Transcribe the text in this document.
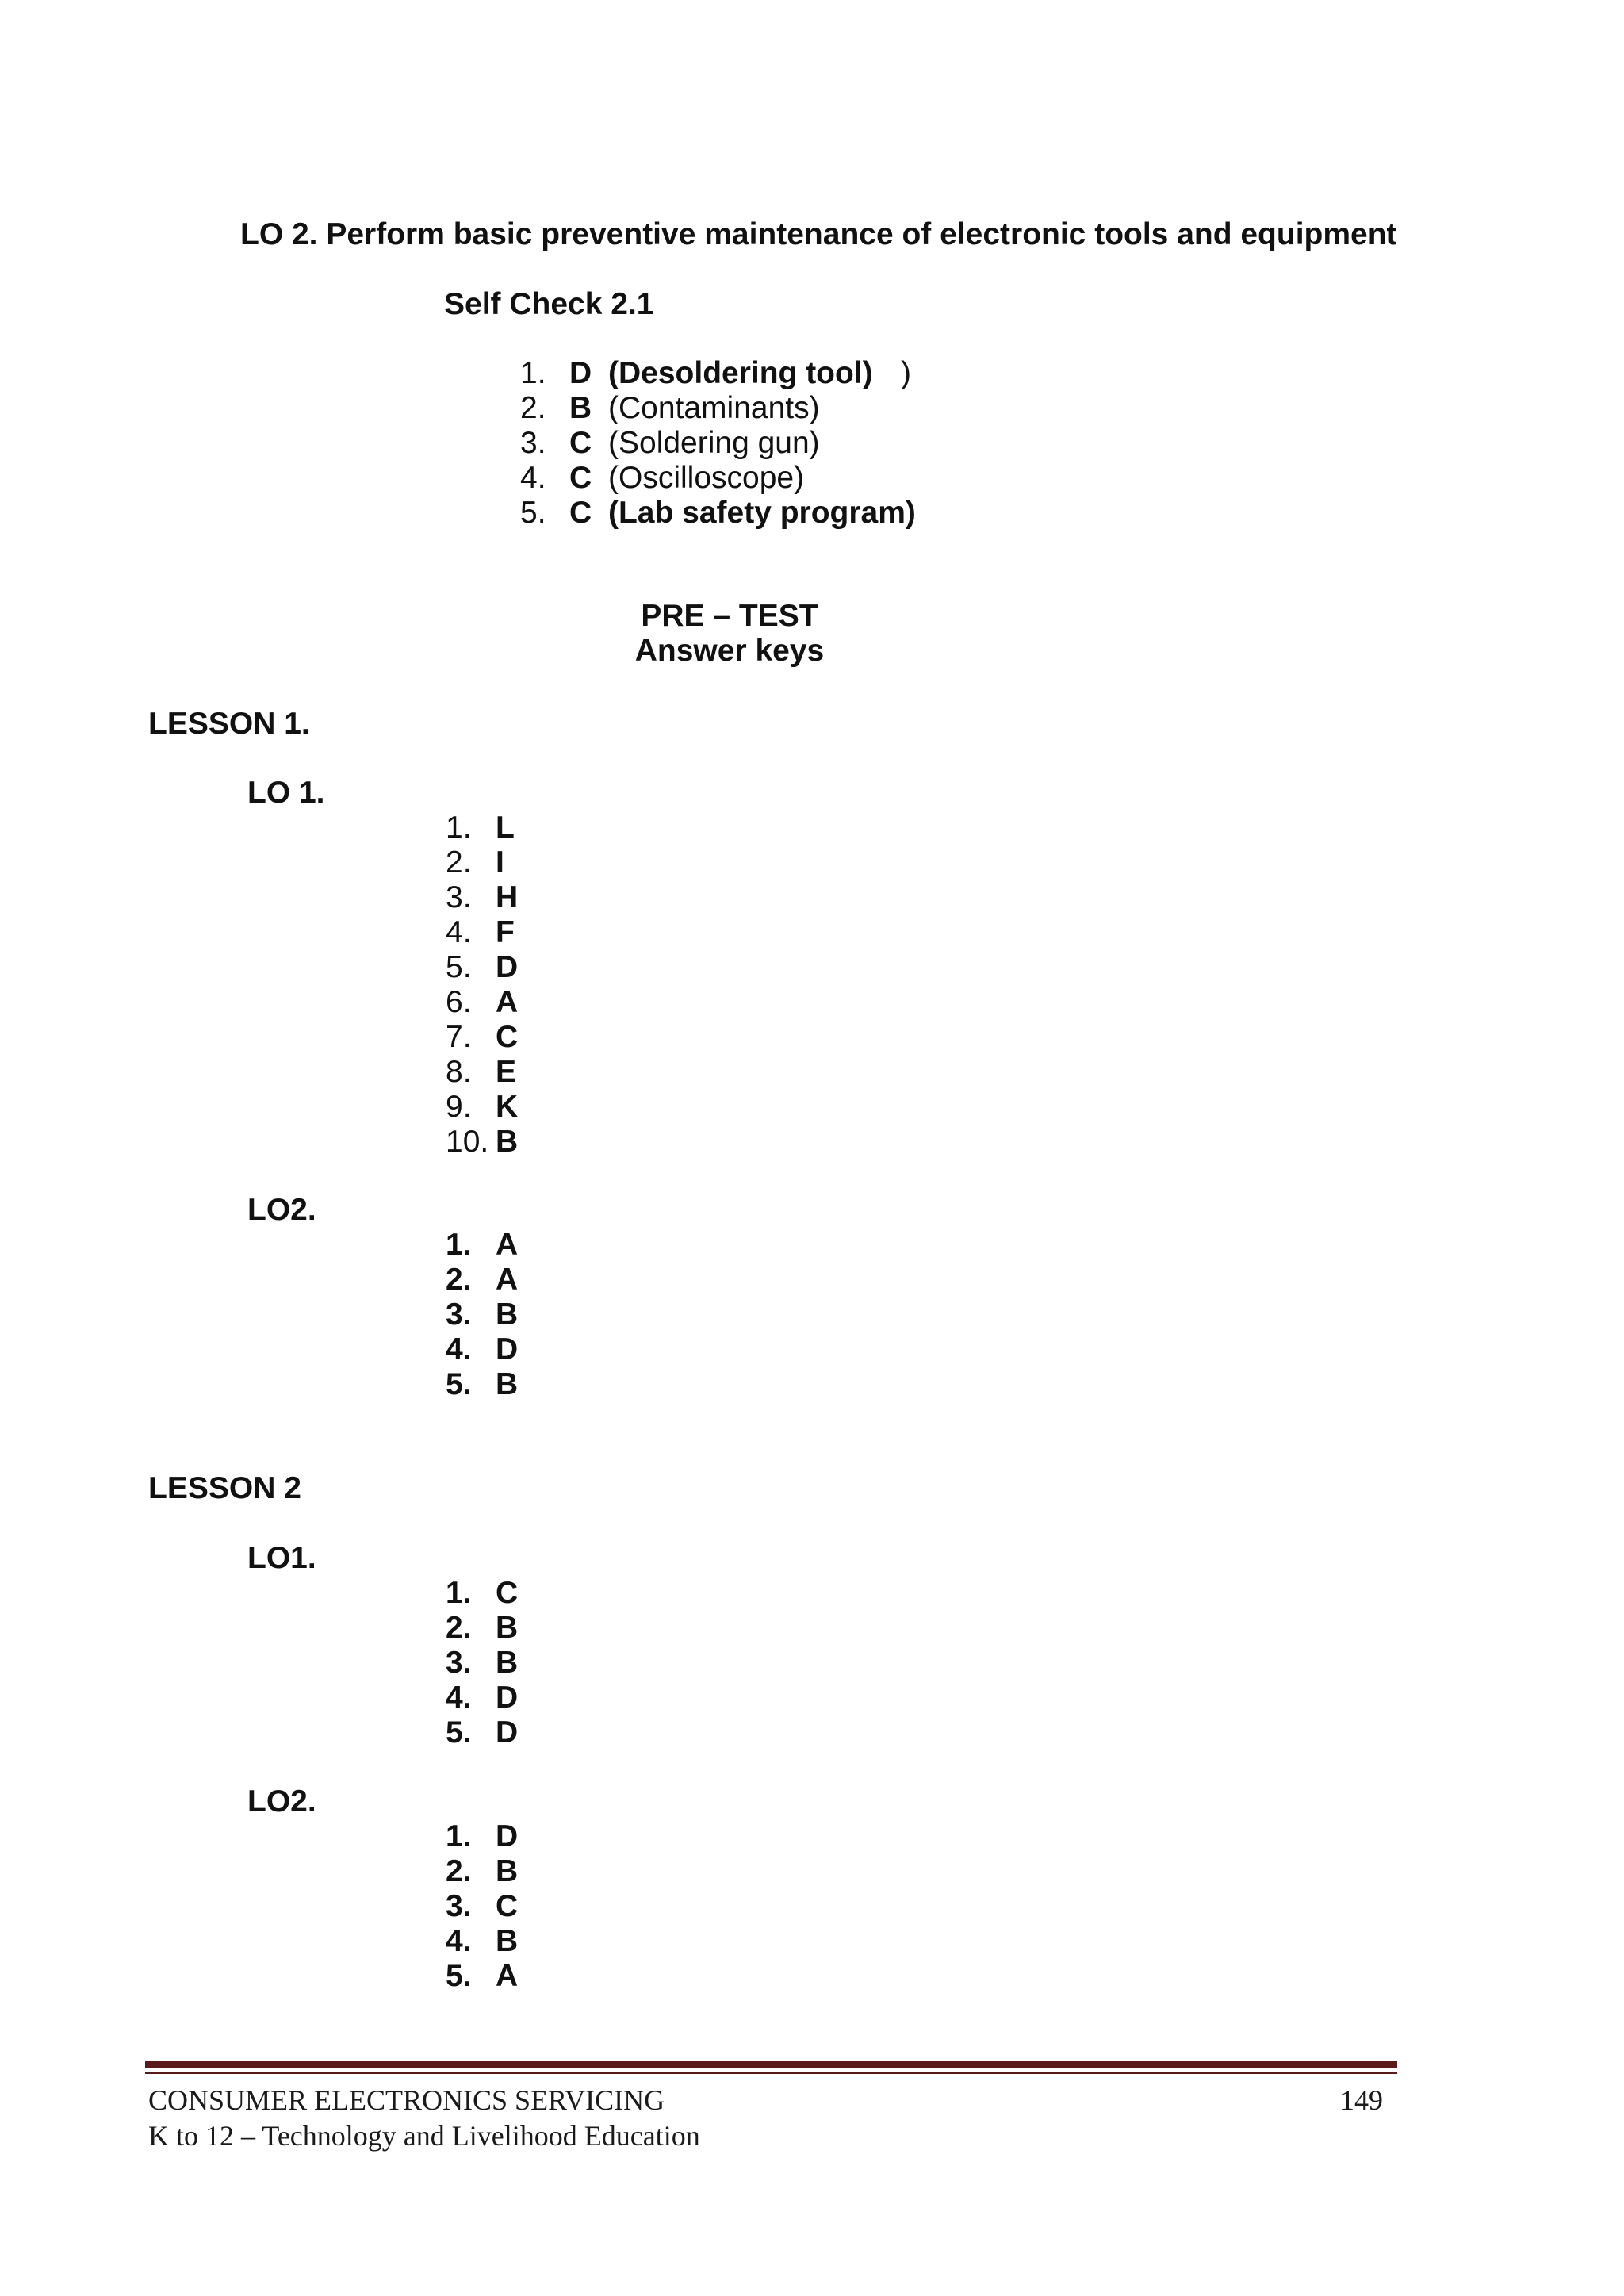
LO 2. Perform basic preventive maintenance of electronic tools and equipment
Self Check 2.1
1. D (Desoldering tool) )
2. B (Contaminants)
3. C (Soldering gun)
4. C (Oscilloscope)
5. C (Lab safety program)
PRE – TEST
Answer keys
LESSON 1.
LO 1.
1. L
2. I
3. H
4. F
5. D
6. A
7. C
8. E
9. K
10. B
LO2.
1. A
2. A
3. B
4. D
5. B
LESSON 2
LO1.
1. C
2. B
3. B
4. D
5. D
LO2.
1. D
2. B
3. C
4. B
5. A
CONSUMER ELECTRONICS SERVICING	149
K to 12 – Technology and Livelihood Education
